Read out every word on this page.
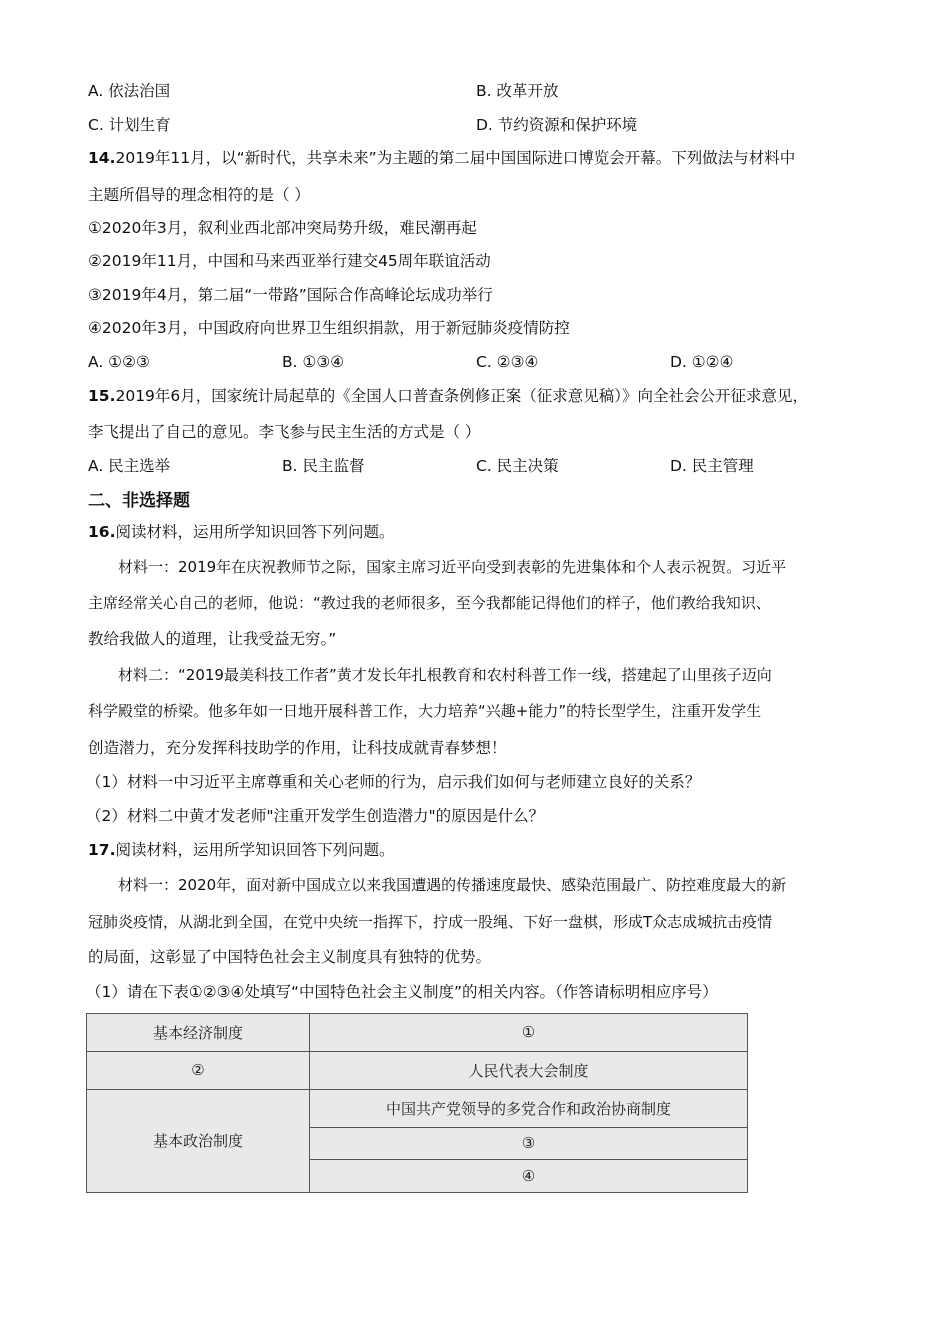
A. 依法治国	B. 改革开放
C. 计划生育	D. 节约资源和保护环境
14.2019年11月，以“新时代，共享未来”为主题的第二届中国国际进口博览会开幕。下列做法与材料中
主题所倡导的理念相符的是（ ）
①2020年3月，叙利业西北部冲突局势升级，难民潮再起
②2019年11月，中国和马来西亚举行建交45周年联谊活动
③2019年4月，第二届“一带路”国际合作高峰论坛成功举行
④2020年3月，中国政府向世界卫生组织捐款，用于新冠肺炎疫情防控
A. ①②③	B. ①③④	C. ②③④	D. ①②④
15.2019年6月，国家统计局起草的《全国人口普查条例修正案（征求意见稿）》向全社会公开征求意见，
李飞提出了自己的意见。李飞参与民主生活的方式是（ ）
A. 民主选举	B. 民主监督	C. 民主决策	D. 民主管理
二、非选择题
16.阅读材料，运用所学知识回答下列问题。
材料一：2019年在庆祝教师节之际，国家主席习近平向受到表彰的先进集体和个人表示祝贺。习近平
主席经常关心自己的老师，他说：“教过我的老师很多，至今我都能记得他们的样子，他们教给我知识、
教给我做人的道理，让我受益无穷。”
材料二：“2019最美科技工作者”黄才发长年扎根教育和农村科普工作一线，搭建起了山里孩子迈向
科学殿堂的桥梁。他多年如一日地开展科普工作，大力培养“兴趣+能力”的特长型学生，注重开发学生
创造潜力，充分发挥科技助学的作用，让科技成就青春梦想！
（1）材料一中习近平主席尊重和关心老师的行为，启示我们如何与老师建立良好的关系？
（2）材料二中黄才发老师"注重开发学生创造潜力"的原因是什么？
17.阅读材料，运用所学知识回答下列问题。
材料一：2020年，面对新中国成立以来我国遭遇的传播速度最快、感染范围最广、防控难度最大的新
冠肺炎疫情，从湖北到全国，在党中央统一指挥下，拧成一股绳、下好一盘棋，形成T众志成城抗击疫情
的局面，这彰显了中国特色社会主义制度具有独特的优势。
（1）请在下表①②③④处填写“中国特色社会主义制度”的相关内容。（作答请标明相应序号）
基本经济制度	①
②	人民代表大会制度
基本政治制度	中国共产党领导的多党合作和政治协商制度
	③
	④
